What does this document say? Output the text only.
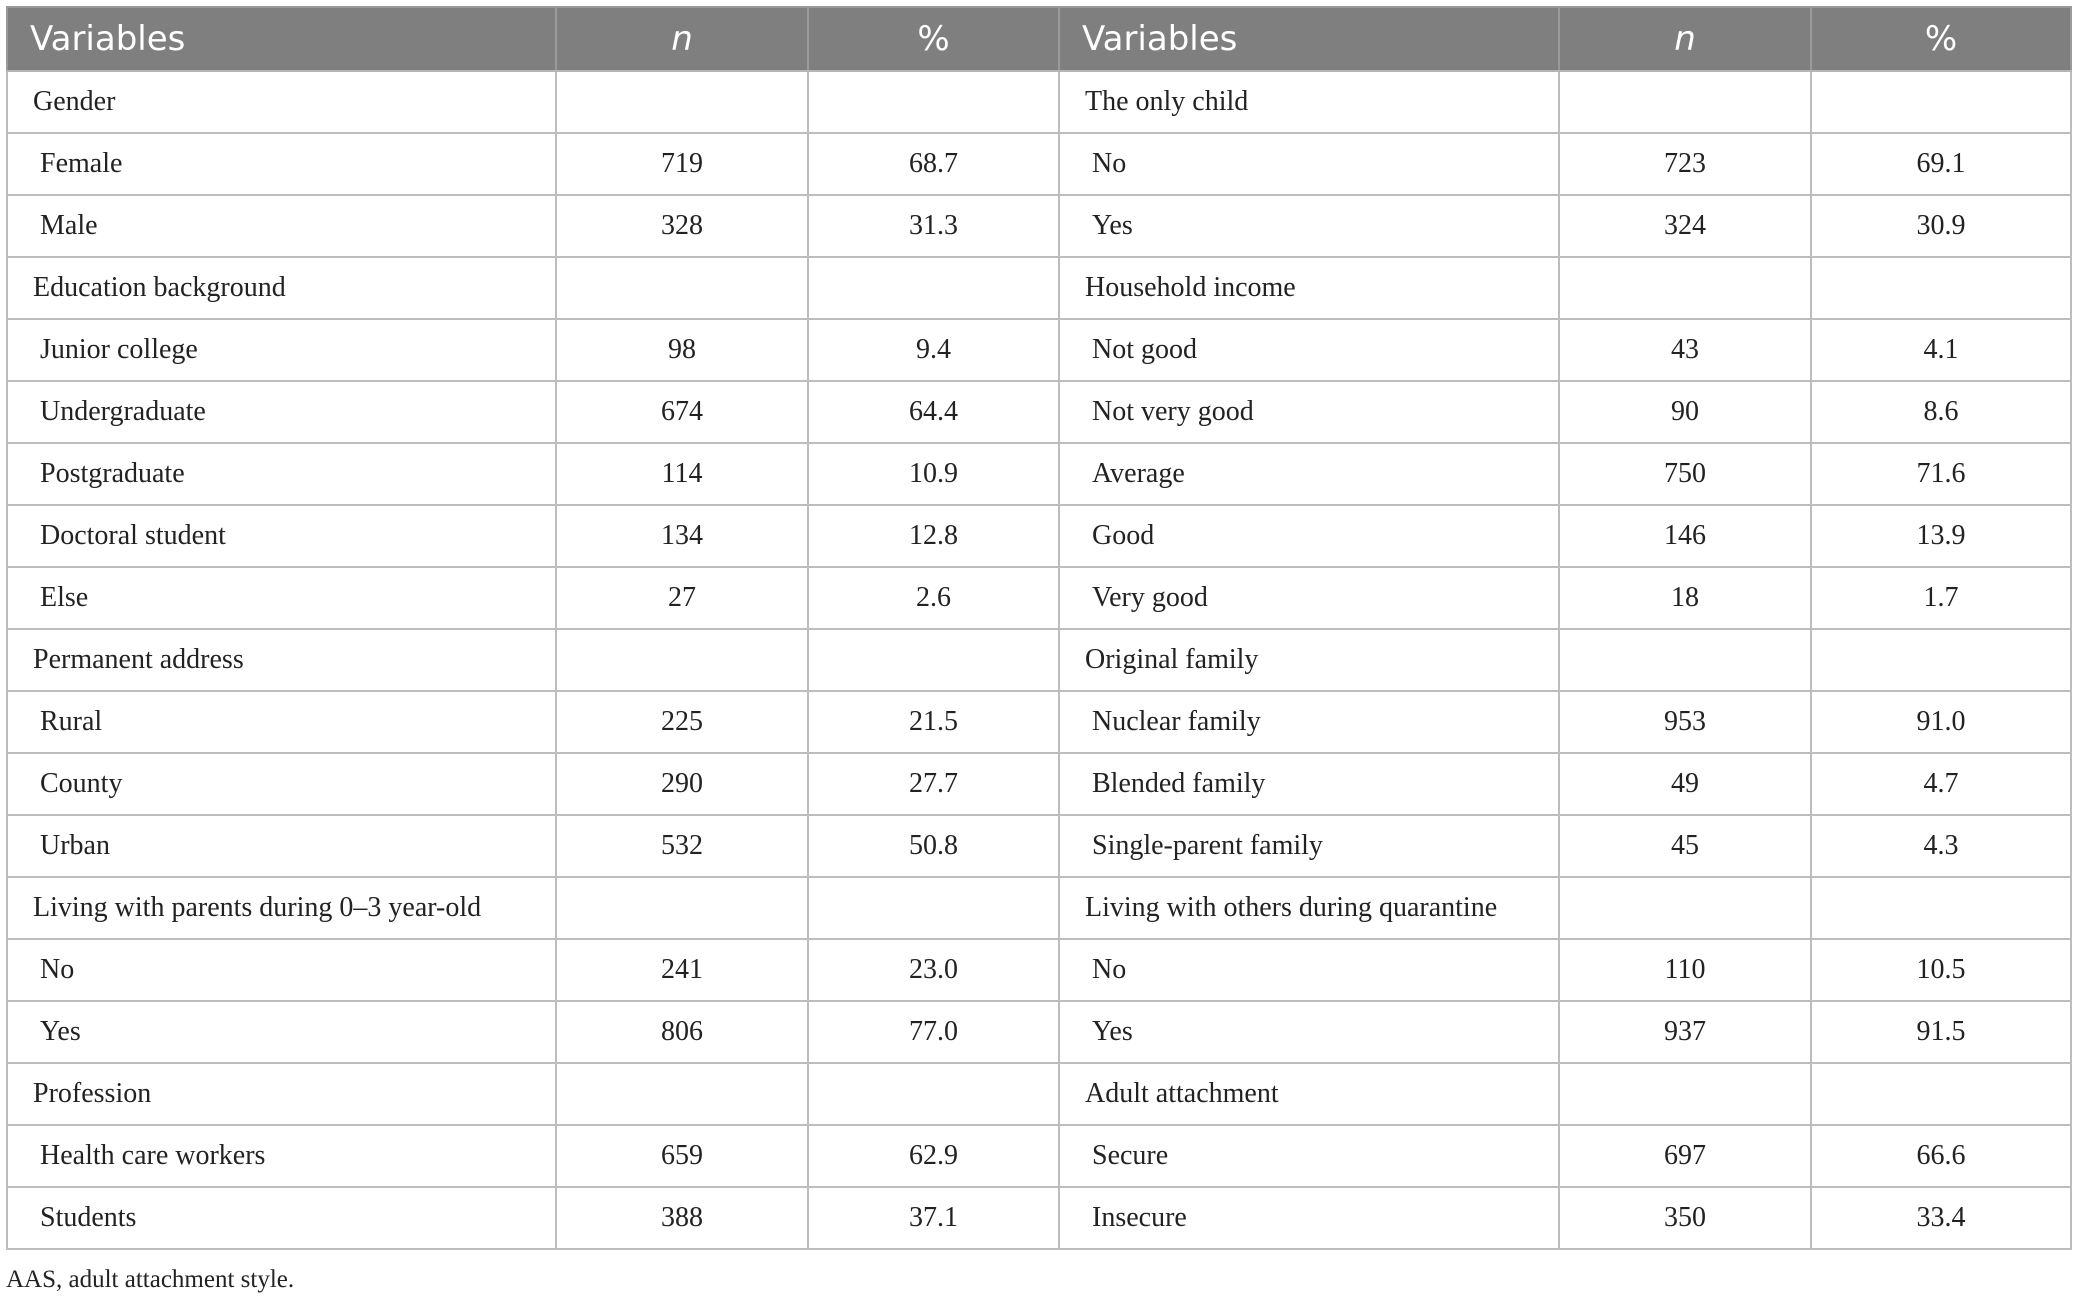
Variables	n	%	Variables	n	%
Gender			The only child		
Female	719	68.7	No	723	69.1
Male	328	31.3	Yes	324	30.9
Education background			Household income		
Junior college	98	9.4	Not good	43	4.1
Undergraduate	674	64.4	Not very good	90	8.6
Postgraduate	114	10.9	Average	750	71.6
Doctoral student	134	12.8	Good	146	13.9
Else	27	2.6	Very good	18	1.7
Permanent address			Original family		
Rural	225	21.5	Nuclear family	953	91.0
County	290	27.7	Blended family	49	4.7
Urban	532	50.8	Single-parent family	45	4.3
Living with parents during 0–3 year-old			Living with others during quarantine		
No	241	23.0	No	110	10.5
Yes	806	77.0	Yes	937	91.5
Profession			Adult attachment		
Health care workers	659	62.9	Secure	697	66.6
Students	388	37.1	Insecure	350	33.4
AAS, adult attachment style.
